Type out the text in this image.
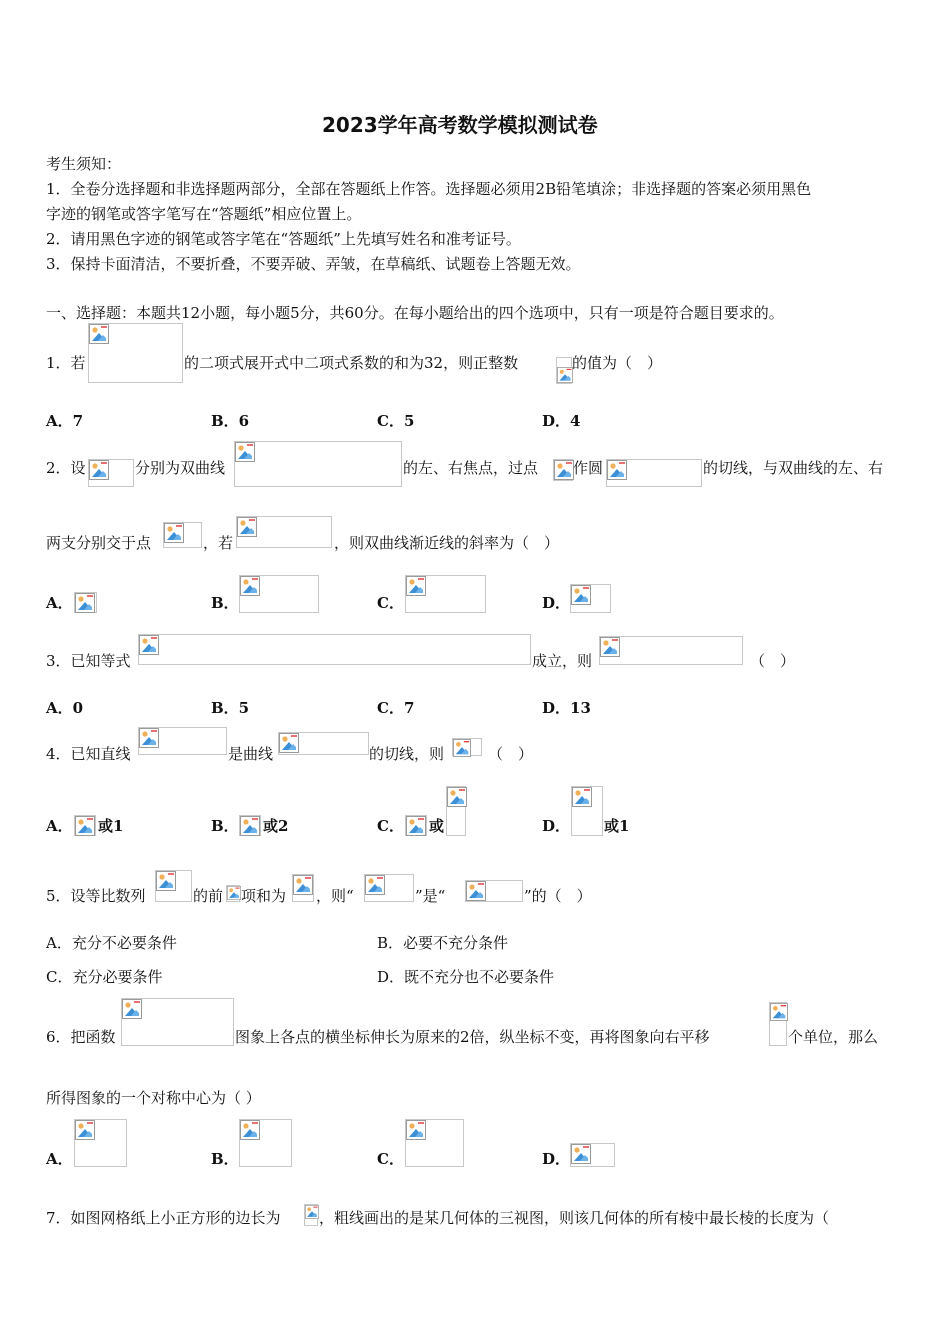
2023学年高考数学模拟测试卷
考生须知：
1．全卷分选择题和非选择题两部分，全部在答题纸上作答。选择题必须用2B铅笔填涂；非选择题的答案必须用黑色
字迹的钢笔或答字笔写在“答题纸”相应位置上。
2．请用黑色字迹的钢笔或答字笔在“答题纸”上先填写姓名和准考证号。
3．保持卡面清洁，不要折叠，不要弄破、弄皱，在草稿纸、试题卷上答题无效。
一、选择题：本题共12小题，每小题5分，共60分。在每小题给出的四个选项中，只有一项是符合题目要求的。
1．若	的二项式展开式中二项式系数的和为32，则正整数	的值为（　）
A．7	B．6	C．5	D．4
2．设	分别为双曲线	的左、右焦点，过点 作圆	的切线，与双曲线的左、右
两支分别交于点	，若	，则双曲线渐近线的斜率为（　）
A．	B．	C．	D．
3．已知等式	成立，则	（　）
A．0	B．5	C．7	D．13
4．已知直线	是曲线	的切线，则	（　）
A． 或1	B． 或2	C． 或	D． 或1
5．设等比数列	的前 项和为 ，则“	”是“	”的（　）
A．充分不必要条件	B．必要不充分条件
C．充分必要条件	D．既不充分也不必要条件
6．把函数	图象上各点的横坐标伸长为原来的2倍，纵坐标不变，再将图象向右平移	个单位，那么
所得图象的一个对称中心为（ ）
A．	B．	C．	D．
7．如图网格纸上小正方形的边长为	，粗线画出的是某几何体的三视图，则该几何体的所有棱中最长棱的长度为（
